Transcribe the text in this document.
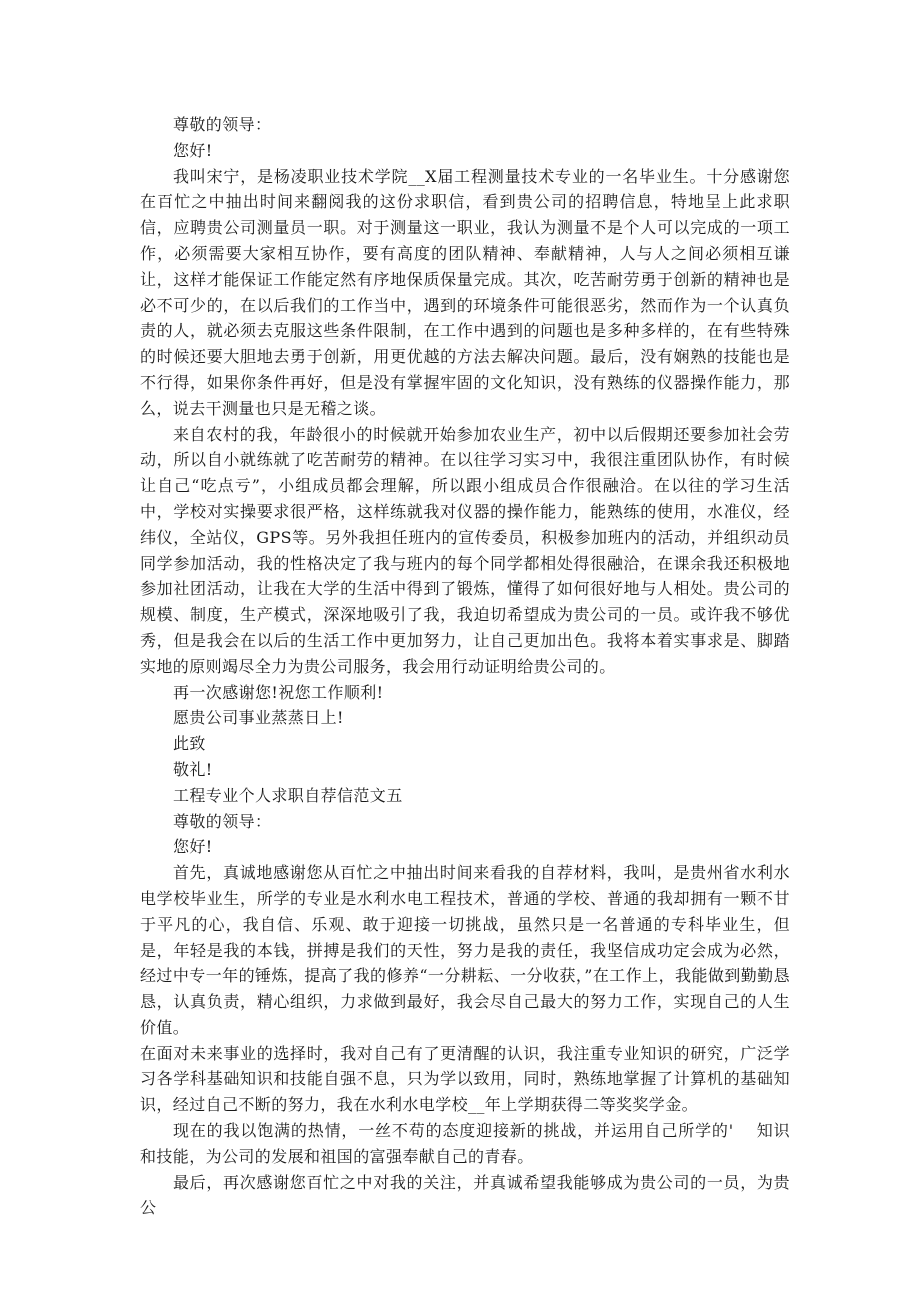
尊敬的领导：

您好!

我叫宋宁，是杨凌职业技术学院__X届工程测量技术专业的一名毕业生。十分感谢您在百忙之中抽出时间来翻阅我的这份求职信，看到贵公司的招聘信息，特地呈上此求职信，应聘贵公司测量员一职。对于测量这一职业，我认为测量不是个人可以完成的一项工作，必须需要大家相互协作，要有高度的团队精神、奉献精神，人与人之间必须相互谦让，这样才能保证工作能定然有序地保质保量完成。其次，吃苦耐劳勇于创新的精神也是必不可少的，在以后我们的工作当中，遇到的环境条件可能很恶劣，然而作为一个认真负责的人，就必须去克服这些条件限制，在工作中遇到的问题也是多种多样的，在有些特殊的时候还要大胆地去勇于创新，用更优越的方法去解决问题。最后，没有娴熟的技能也是不行得，如果你条件再好，但是没有掌握牢固的文化知识，没有熟练的仪器操作能力，那么，说去干测量也只是无稽之谈。

来自农村的我，年龄很小的时候就开始参加农业生产，初中以后假期还要参加社会劳动，所以自小就练就了吃苦耐劳的精神。在以往学习实习中，我很注重团队协作，有时候让自己“吃点亏”，小组成员都会理解，所以跟小组成员合作很融洽。在以往的学习生活中，学校对实操要求很严格，这样练就我对仪器的操作能力，能熟练的使用，水准仪，经纬仪，全站仪，GPS等。另外我担任班内的宣传委员，积极参加班内的活动，并组织动员同学参加活动，我的性格决定了我与班内的每个同学都相处得很融洽，在课余我还积极地参加社团活动，让我在大学的生活中得到了锻炼，懂得了如何很好地与人相处。贵公司的规模、制度，生产模式，深深地吸引了我，我迫切希望成为贵公司的一员。或许我不够优秀，但是我会在以后的生活工作中更加努力，让自己更加出色。我将本着实事求是、脚踏实地的原则竭尽全力为贵公司服务，我会用行动证明给贵公司的。

再一次感谢您!祝您工作顺利!

愿贵公司事业蒸蒸日上!

此致

敬礼!

工程专业个人求职自荐信范文五

尊敬的领导：

您好!

首先，真诚地感谢您从百忙之中抽出时间来看我的自荐材料，我叫，是贵州省水利水电学校毕业生，所学的专业是水利水电工程技术，普通的学校、普通的我却拥有一颗不甘于平凡的心，我自信、乐观、敢于迎接一切挑战，虽然只是一名普通的专科毕业生，但是，年轻是我的本钱，拼搏是我们的天性，努力是我的责任，我坚信成功定会成为必然，经过中专一年的锤炼，提高了我的修养“一分耕耘、一分收获，”在工作上，我能做到勤勤恳恳，认真负责，精心组织，力求做到最好，我会尽自己最大的努力工作，实现自己的人生价值。

在面对未来事业的选择时，我对自己有了更清醒的认识，我注重专业知识的研究，广泛学习各学科基础知识和技能自强不息，只为学以致用，同时，熟练地掌握了计算机的基础知识，经过自己不断的努力，我在水利水电学校__年上学期获得二等奖奖学金。

现在的我以饱满的热情，一丝不苟的态度迎接新的挑战，并运用自己所学的'　 知识和技能，为公司的发展和祖国的富强奉献自己的青春。

最后，再次感谢您百忙之中对我的关注，并真诚希望我能够成为贵公司的一员，为贵公
